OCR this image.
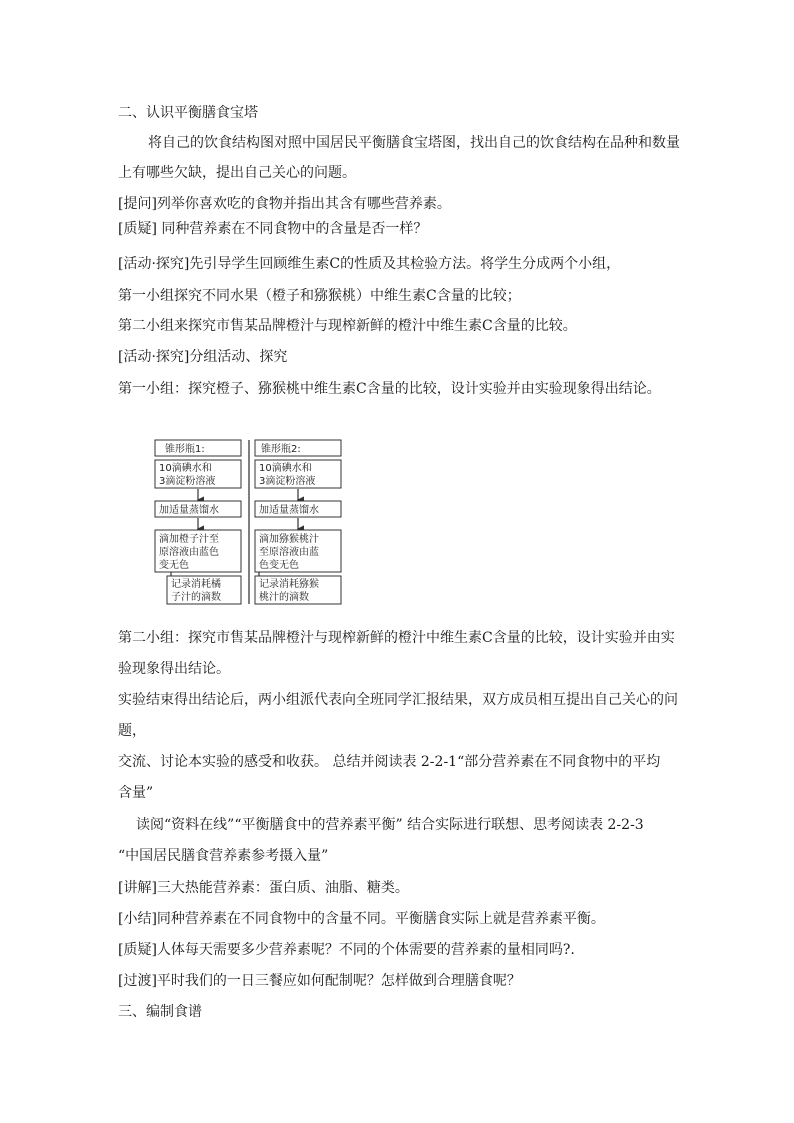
二、认识平衡膳食宝塔
将自己的饮食结构图对照中国居民平衡膳食宝塔图，找出自己的饮食结构在品种和数量
上有哪些欠缺，提出自己关心的问题。
[提问]列举你喜欢吃的食物并指出其含有哪些营养素。
[质疑] 同种营养素在不同食物中的含量是否一样？
[活动·探究]先引导学生回顾维生素C的性质及其检验方法。将学生分成两个小组，
第一小组探究不同水果（橙子和猕猴桃）中维生素C含量的比较；
第二小组来探究市售某品牌橙汁与现榨新鲜的橙汁中维生素C含量的比较。
[活动·探究]分组活动、探究
第一小组：探究橙子、猕猴桃中维生素C含量的比较，设计实验并由实验现象得出结论。
锥形瓶1:
10滴碘水和
3滴淀粉溶液
加适量蒸馏水
滴加橙子汁至
原溶液由蓝色
变无色
记录消耗橘
子汁的滴数
锥形瓶2:
10滴碘水和
3滴淀粉溶液
加适量蒸馏水
滴加猕猴桃汁
至原溶液由蓝
色变无色
记录消耗猕猴
桃汁的滴数
第二小组：探究市售某品牌橙汁与现榨新鲜的橙汁中维生素C含量的比较，设计实验并由实
验现象得出结论。
实验结束得出结论后，两小组派代表向全班同学汇报结果，双方成员相互提出自己关心的问
题，
交流、讨论本实验的感受和收获。 总结并阅读表 2-2-1“部分营养素在不同食物中的平均
含量”
读阅“资料在线”“平衡膳食中的营养素平衡” 结合实际进行联想、思考阅读表 2-2-3
“中国居民膳食营养素参考摄入量”
[讲解]三大热能营养素：蛋白质、油脂、糖类。
[小结]同种营养素在不同食物中的含量不同。平衡膳食实际上就是营养素平衡。
[质疑]人体每天需要多少营养素呢？不同的个体需要的营养素的量相同吗?.
[过渡]平时我们的一日三餐应如何配制呢？怎样做到合理膳食呢？
三、编制食谱
